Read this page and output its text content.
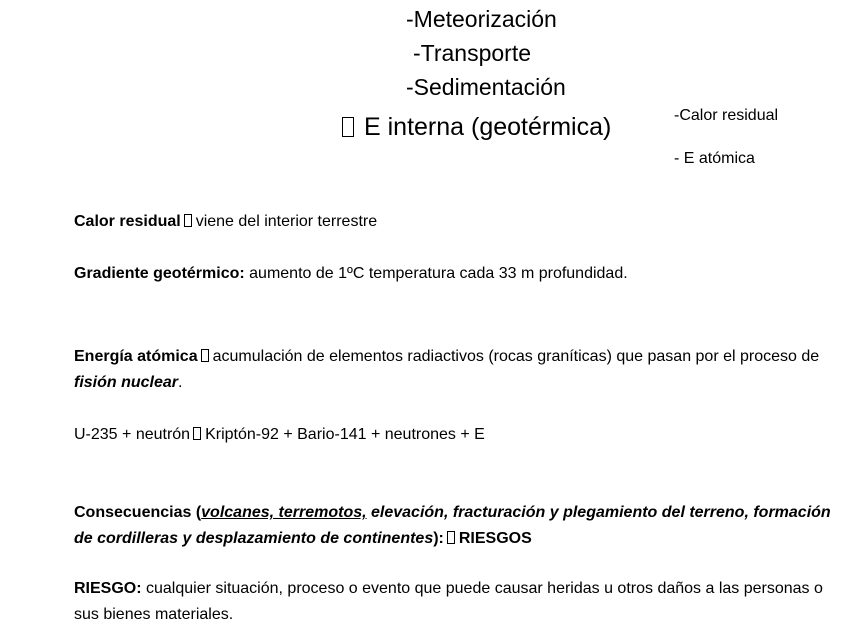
-Meteorización
-Transporte
-Sedimentación
E interna (geotérmica)	-Calor residual
- E atómica
Calor residual viene del interior terrestre
Gradiente geotérmico: aumento de 1ºC temperatura cada 33 m profundidad.
Energía atómica acumulación de elementos radiactivos (rocas graníticas) que pasan por el proceso de fisión nuclear.
U-235 + neutrón Kriptón-92 + Bario-141 + neutrones + E
Consecuencias (volcanes, terremotos, elevación, fracturación y plegamiento del terreno, formación de cordilleras y desplazamiento de continentes): RIESGOS
RIESGO: cualquier situación, proceso o evento que puede causar heridas u otros daños a las personas o sus bienes materiales.
